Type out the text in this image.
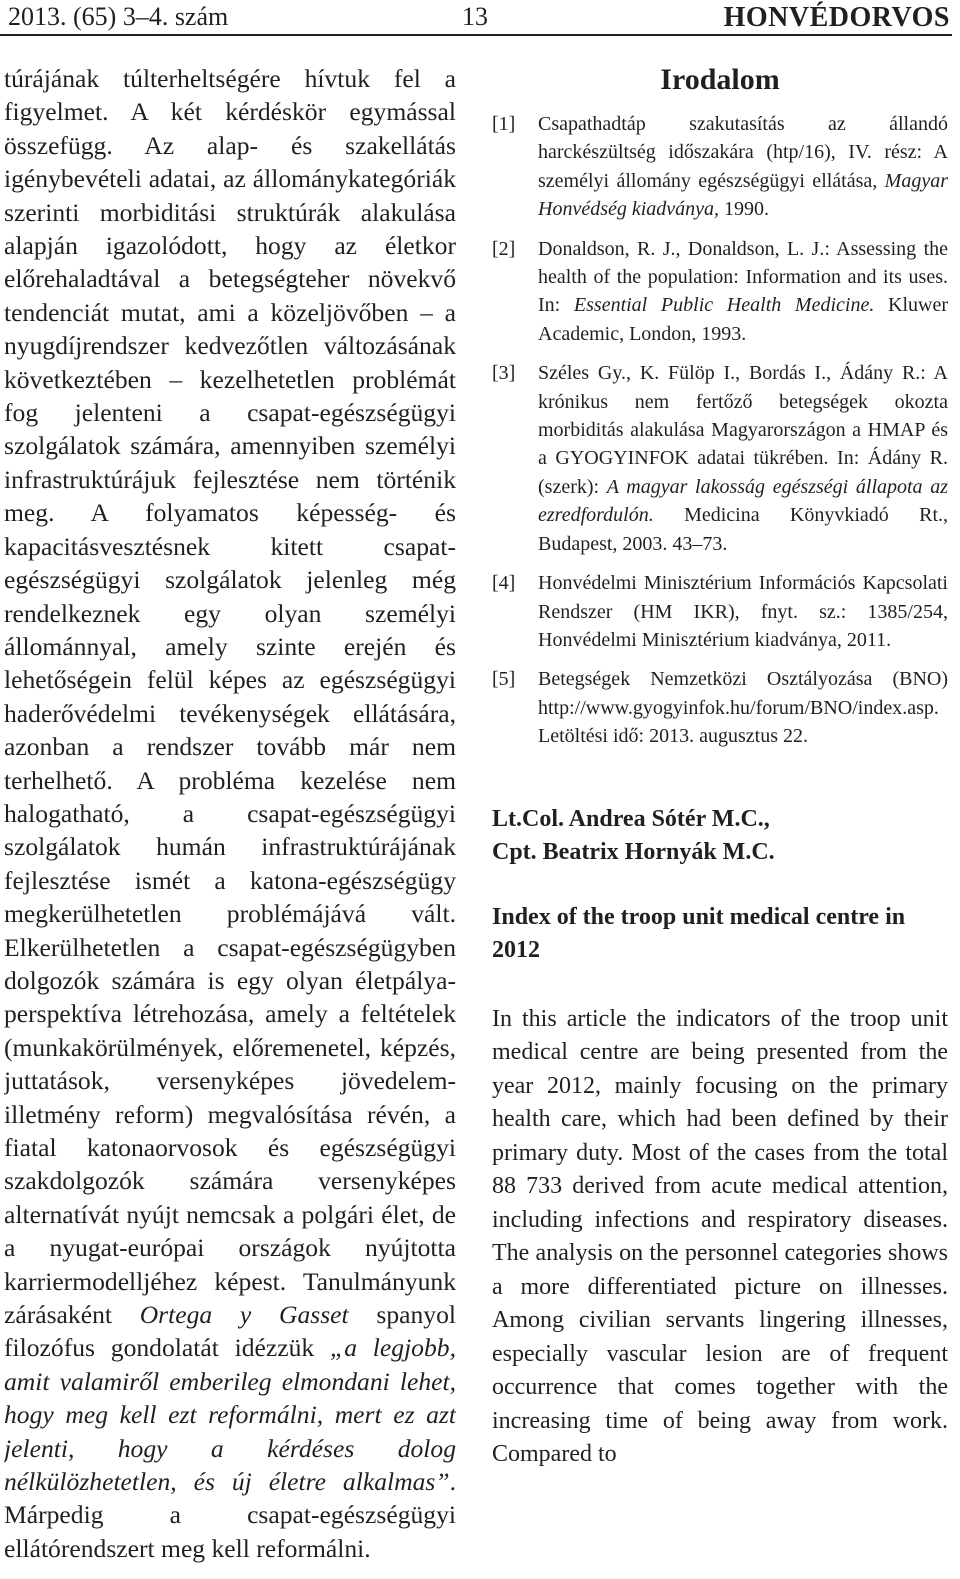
2013. (65) 3–4. szám	13	HONVÉDORVOS

túrájának túlterheltségére hívtuk fel a figyelmet. A két kérdéskör egymással összefügg. Az alap- és szakellátás igénybevételi adatai, az állománykategóriák szerinti morbiditási struktúrák alakulása alapján igazolódott, hogy az életkor előrehaladtával a betegségteher növekvő tendenciát mutat, ami a közeljövőben – a nyugdíjrendszer kedvezőtlen változásának következtében – kezelhetetlen problémát fog jelenteni a csapat-egészségügyi szolgálatok számára, amennyiben személyi infrastruktúrájuk fejlesztése nem történik meg. A folyamatos képesség- és kapacitásvesztésnek kitett csapat-egészségügyi szolgálatok jelenleg még rendelkeznek egy olyan személyi állománnyal, amely szinte erején és lehetőségein felül képes az egészségügyi haderővédelmi tevékenységek ellátására, azonban a rendszer tovább már nem terhelhető. A probléma kezelése nem halogatható, a csapat-egészségügyi szolgálatok humán infrastruktúrájának fejlesztése ismét a katona-egészségügy megkerülhetetlen problémájává vált. Elkerülhetetlen a csapat-egészségügyben dolgozók számára is egy olyan életpálya-perspektíva létrehozása, amely a feltételek (munkakörülmények, előremenetel, képzés, juttatások, versenyképes jövedelem-illetmény reform) megvalósítása révén, a fiatal katonaorvosok és egészségügyi szakdolgozók számára versenyképes alternatívát nyújt nemcsak a polgári élet, de a nyugat-európai országok nyújtotta karriermodelljéhez képest. Tanulmányunk zárásaként Ortega y Gasset spanyol filozófus gondolatát idézzük „a legjobb, amit valamiről emberileg elmondani lehet, hogy meg kell ezt reformálni, mert ez azt jelenti, hogy a kérdéses dolog nélkülözhetetlen, és új életre alkalmas”. Márpedig a csapat-egészségügyi ellátórendszert meg kell reformálni.

Irodalom
[1] Csapathadtáp szakutasítás az állandó harckészültség időszakára (htp/16), IV. rész: A személyi állomány egészségügyi ellátása, Magyar Honvédség kiadványa, 1990.
[2] Donaldson, R. J., Donaldson, L. J.: Assessing the health of the population: Information and its uses. In: Essential Public Health Medicine. Kluwer Academic, London, 1993.
[3] Széles Gy., K. Fülöp I., Bordás I., Ádány R.: A krónikus nem fertőző betegségek okozta morbiditás alakulása Magyarországon a HMAP és a GYOGYINFOK adatai tükrében. In: Ádány R. (szerk): A magyar lakosság egészségi állapota az ezredfordulón. Medicina Könyvkiadó Rt., Budapest, 2003. 43–73.
[4] Honvédelmi Minisztérium Információs Kapcsolati Rendszer (HM IKR), fnyt. sz.: 1385/254, Honvédelmi Minisztérium kiadványa, 2011.
[5] Betegségek Nemzetközi Osztályozása (BNO) http://www.gyogyinfok.hu/forum/BNO/index.asp. Letöltési idő: 2013. augusztus 22.
Lt.Col. Andrea Sótér M.C.,
Cpt. Beatrix Hornyák M.C.
Index of the troop unit medical centre in 2012
In this article the indicators of the troop unit medical centre are being presented from the year 2012, mainly focusing on the primary health care, which had been defined by their primary duty. Most of the cases from the total 88 733 derived from acute medical attention, including infections and respiratory diseases. The analysis on the personnel categories shows a more differentiated picture on illnesses. Among civilian servants lingering illnesses, especially vascular lesion are of frequent occurrence that comes together with the increasing time of being away from work. Compared to
